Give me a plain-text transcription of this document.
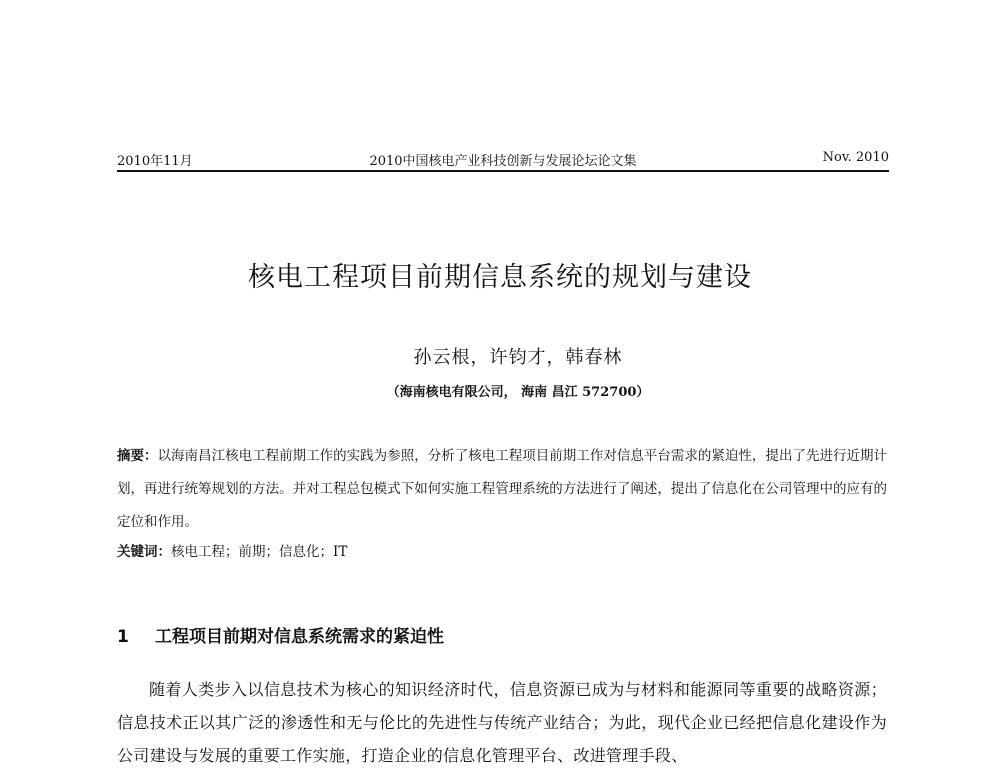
2010年11月	2010中国核电产业科技创新与发展论坛论文集	Nov. 2010
核电工程项目前期信息系统的规划与建设
孙云根，许钧才，韩春林
（海南核电有限公司， 海南 昌江 572700）
摘要：以海南昌江核电工程前期工作的实践为参照，分析了核电工程项目前期工作对信息平台需求的紧迫性，提出了先进行近期计划，再进行统筹规划的方法。并对工程总包模式下如何实施工程管理系统的方法进行了阐述，提出了信息化在公司管理中的应有的定位和作用。
关键词：核电工程；前期；信息化；IT
1 工程项目前期对信息系统需求的紧迫性
随着人类步入以信息技术为核心的知识经济时代，信息资源已成为与材料和能源同等重要的战略资源；信息技术正以其广泛的渗透性和无与伦比的先进性与传统产业结合；为此，现代企业已经把信息化建设作为公司建设与发展的重要工作实施，打造企业的信息化管理平台、改进管理手段、
